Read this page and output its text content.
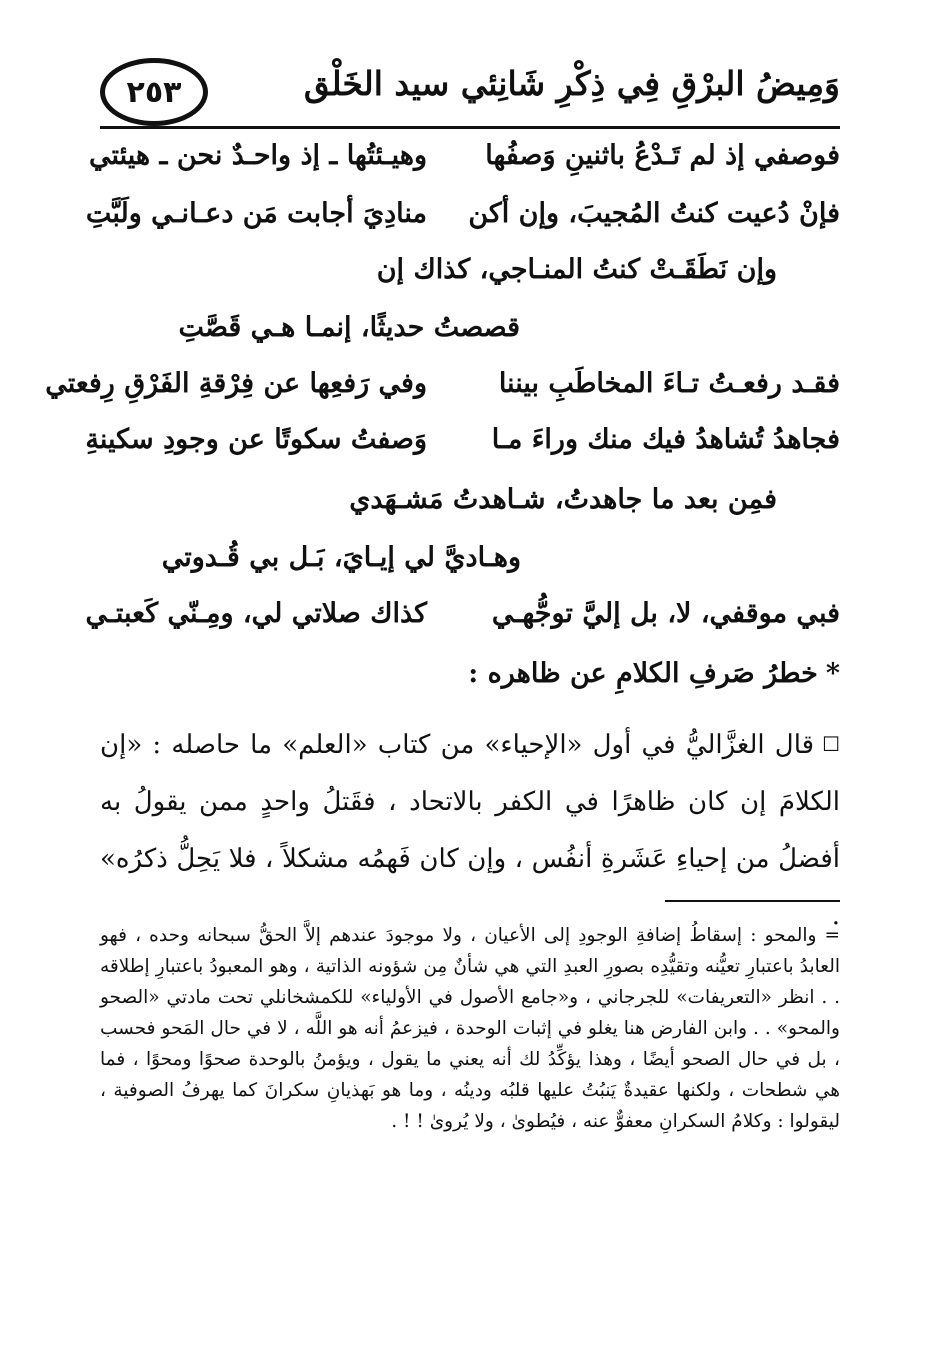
٢٥٣	وَمِيضُ البرْقِ فِي ذِكْرِ شَانِئي سيد الخَلْق
فوصفي إذ لم تَـدْعُ باثنينِ وَصفُها
وهيـئتُها ـ إذ واحـدٌ نحن ـ هيئتي
فإنْ دُعيت كنتُ المُجيبَ، وإن أكن
منادِيَ أجابت مَن دعـانـي ولَبَّتِ
وإن نَطَقَـتْ كنتُ المنـاجي، كذاك إن
قصصتُ حديثًا، إنمـا هـي قَصَّتِ
فقـد رفعـتُ تـاءَ المخاطَبِ بيننا
وفي رَفعِها عن فِرْقةِ الفَرْقِ رِفعتي
فجاهدُ تُشاهدُ فيك منك وراءَ مـا
وَصفتُ سكوتًا عن وجودِ سكينةِ
فمِن بعد ما جاهدتُ، شـاهدتُ مَشـهَدي
وهـاديَّ لي إيـايَ، بَـل بي قُـدوتي
فبي موقفي، لا، بل إليَّ توجُّهـي
كذاك صلاتي لي، ومِـنّي كَعبتـي
*خطرُ صَرفِ الكلامِ عن ظاهره :

☐قال الغزَّاليُّ في أول «الإحياء» من كتاب «العلم» ما حاصله : «إن الكلامَ إن كان ظاهرًا في الكفر بالاتحاد ، فقَتلُ واحدٍ ممن يقولُ به أفضلُ من إحياءِ عَشَرةِ أنفُس ، وإن كان فَهمُه مشكلاً ، فلا يَحِلُّ ذكرُه» .

=والمحو : إسقاطُ إضافةِ الوجودِ إلى الأعيان ، ولا موجودَ عندهم إلاَّ الحقُّ سبحانه وحده ، فهو العابدُ باعتبارِ تعيُّنه وتقيُّدِه بصورِ العبدِ التي هي شأنٌ مِن شؤونه الذاتية ، وهو المعبودُ باعتبارِ إطلاقه . . انظر «التعريفات» للجرجاني ، و«جامع الأصول في الأولياء» للكمشخانلي تحت مادتي «الصحو والمحو» . . وابن الفارض هنا يغلو في إثبات الوحدة ، فيزعمُ أنه هو اللَّه ، لا في حال المَحو فحسب ، بل في حال الصحو أيضًا ، وهذا يؤكِّدُ لك أنه يعني ما يقول ، ويؤمنُ بالوحدة صحوًا ومحوًا ، فما هي شطحات ، ولكنها عقيدةٌ يَنبُتُ عليها قلبُه ودينُه ، وما هو بَهذيانِ سكرانَ كما يهرفُ الصوفية ، ليقولوا : وكلامُ السكرانِ معفوٌّ عنه ، فيُطوىٰ ، ولا يُروىٰ ! ! .
